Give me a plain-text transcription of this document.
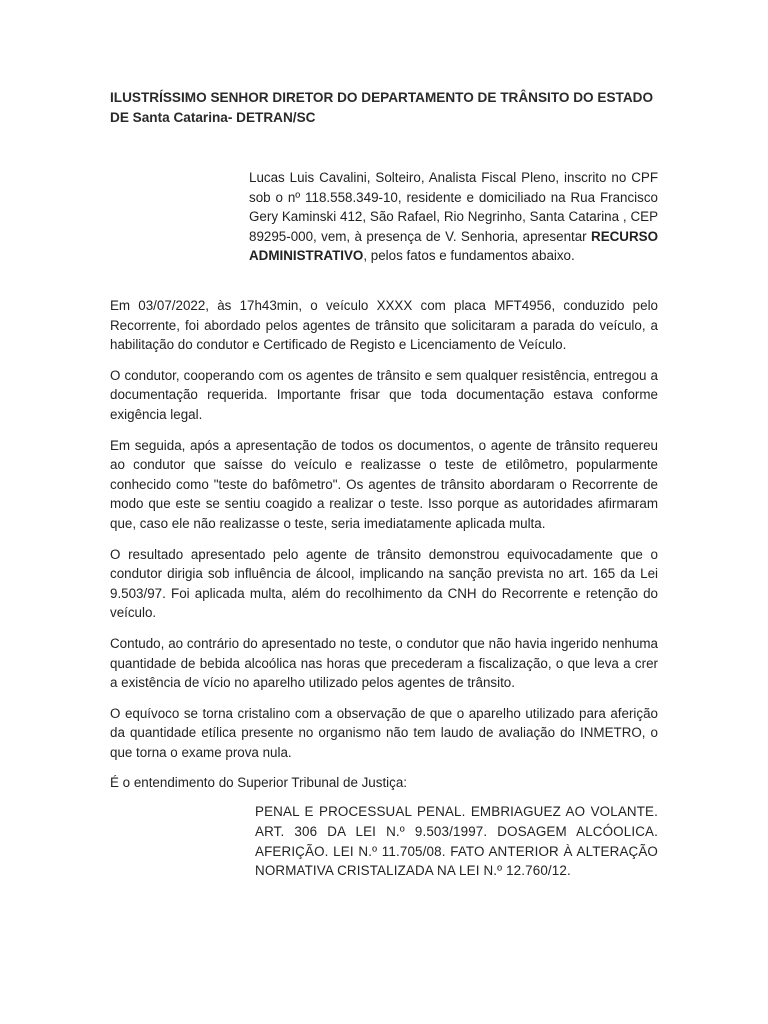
ILUSTRÍSSIMO SENHOR DIRETOR DO DEPARTAMENTO DE TRÂNSITO DO ESTADO DE Santa Catarina- DETRAN/SC

Lucas Luis Cavalini, Solteiro, Analista Fiscal Pleno, inscrito no CPF sob o nº 118.558.349-10, residente e domiciliado na Rua Francisco Gery Kaminski 412, São Rafael, Rio Negrinho, Santa Catarina , CEP 89295-000, vem, à presença de V. Senhoria, apresentar RECURSO ADMINISTRATIVO, pelos fatos e fundamentos abaixo.

Em 03/07/2022, às 17h43min, o veículo XXXX com placa MFT4956, conduzido pelo Recorrente, foi abordado pelos agentes de trânsito que solicitaram a parada do veículo, a habilitação do condutor e Certificado de Registo e Licenciamento de Veículo.

O condutor, cooperando com os agentes de trânsito e sem qualquer resistência, entregou a documentação requerida. Importante frisar que toda documentação estava conforme exigência legal.

Em seguida, após a apresentação de todos os documentos, o agente de trânsito requereu ao condutor que saísse do veículo e realizasse o teste de etilômetro, popularmente conhecido como "teste do bafômetro". Os agentes de trânsito abordaram o Recorrente de modo que este se sentiu coagido a realizar o teste. Isso porque as autoridades afirmaram que, caso ele não realizasse o teste, seria imediatamente aplicada multa.

O resultado apresentado pelo agente de trânsito demonstrou equivocadamente que o condutor dirigia sob influência de álcool, implicando na sanção prevista no art. 165 da Lei 9.503/97. Foi aplicada multa, além do recolhimento da CNH do Recorrente e retenção do veículo.

Contudo, ao contrário do apresentado no teste, o condutor que não havia ingerido nenhuma quantidade de bebida alcoólica nas horas que precederam a fiscalização, o que leva a crer a existência de vício no aparelho utilizado pelos agentes de trânsito.

O equívoco se torna cristalino com a observação de que o aparelho utilizado para aferição da quantidade etílica presente no organismo não tem laudo de avaliação do INMETRO, o que torna o exame prova nula.

É o entendimento do Superior Tribunal de Justiça:

PENAL E PROCESSUAL PENAL. EMBRIAGUEZ AO VOLANTE. ART. 306 DA LEI N.º 9.503/1997. DOSAGEM ALCÓOLICA. AFERIÇÃO. LEI N.º 11.705/08. FATO ANTERIOR À ALTERAÇÃO NORMATIVA CRISTALIZADA NA LEI N.º 12.760/12.
